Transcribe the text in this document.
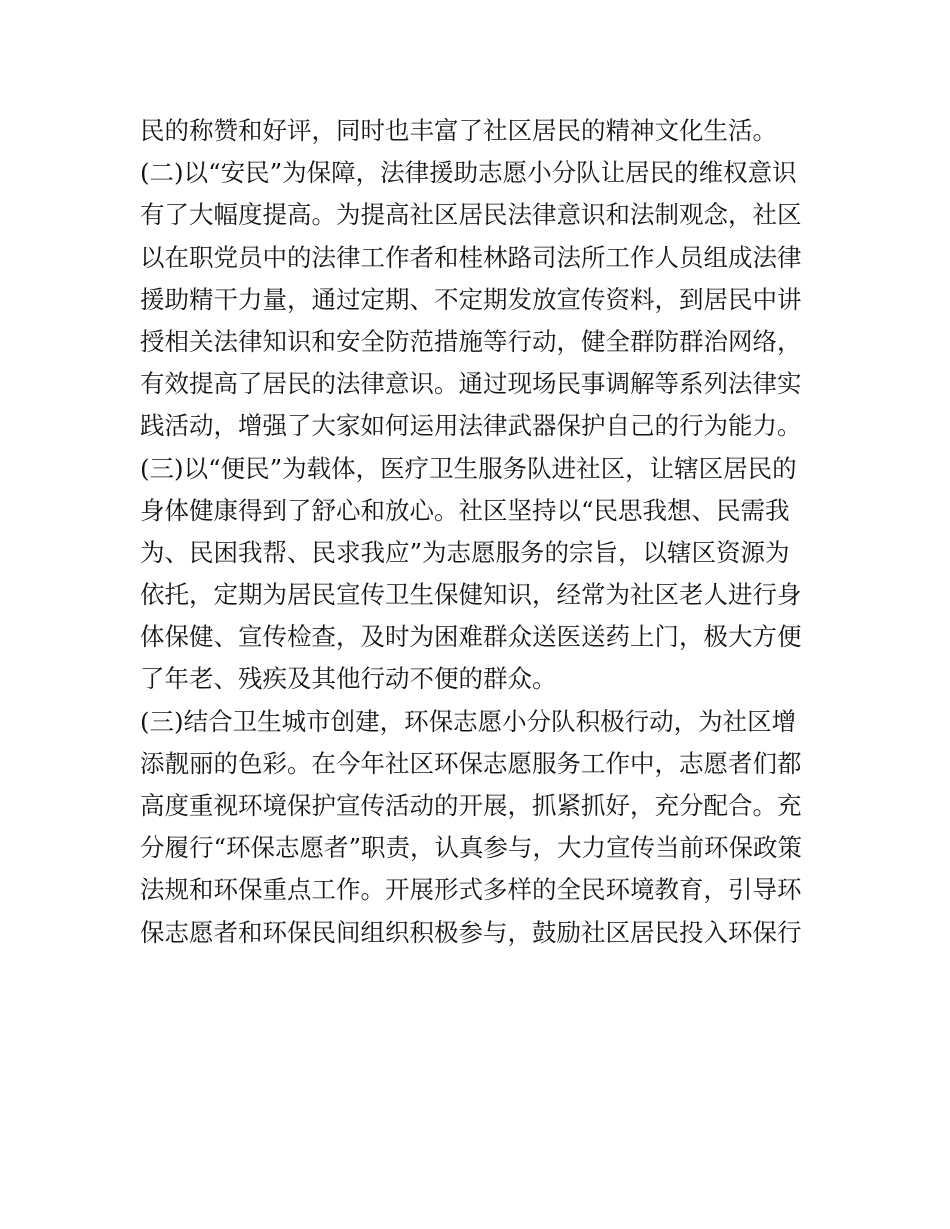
民的称赞和好评，同时也丰富了社区居民的精神文化生活。
(二)以“安民”为保障，法律援助志愿小分队让居民的维权意识
有了大幅度提高。为提高社区居民法律意识和法制观念，社区
以在职党员中的法律工作者和桂林路司法所工作人员组成法律
援助精干力量，通过定期、不定期发放宣传资料，到居民中讲
授相关法律知识和安全防范措施等行动，健全群防群治网络，
有效提高了居民的法律意识。通过现场民事调解等系列法律实
践活动，增强了大家如何运用法律武器保护自己的行为能力。
(三)以“便民”为载体，医疗卫生服务队进社区，让辖区居民的
身体健康得到了舒心和放心。社区坚持以“民思我想、民需我
为、民困我帮、民求我应”为志愿服务的宗旨，以辖区资源为
依托，定期为居民宣传卫生保健知识，经常为社区老人进行身
体保健、宣传检查，及时为困难群众送医送药上门，极大方便
了年老、残疾及其他行动不便的群众。
(三)结合卫生城市创建，环保志愿小分队积极行动，为社区增
添靓丽的色彩。在今年社区环保志愿服务工作中，志愿者们都
高度重视环境保护宣传活动的开展，抓紧抓好，充分配合。充
分履行“环保志愿者”职责，认真参与，大力宣传当前环保政策
法规和环保重点工作。开展形式多样的全民环境教育，引导环
保志愿者和环保民间组织积极参与，鼓励社区居民投入环保行
